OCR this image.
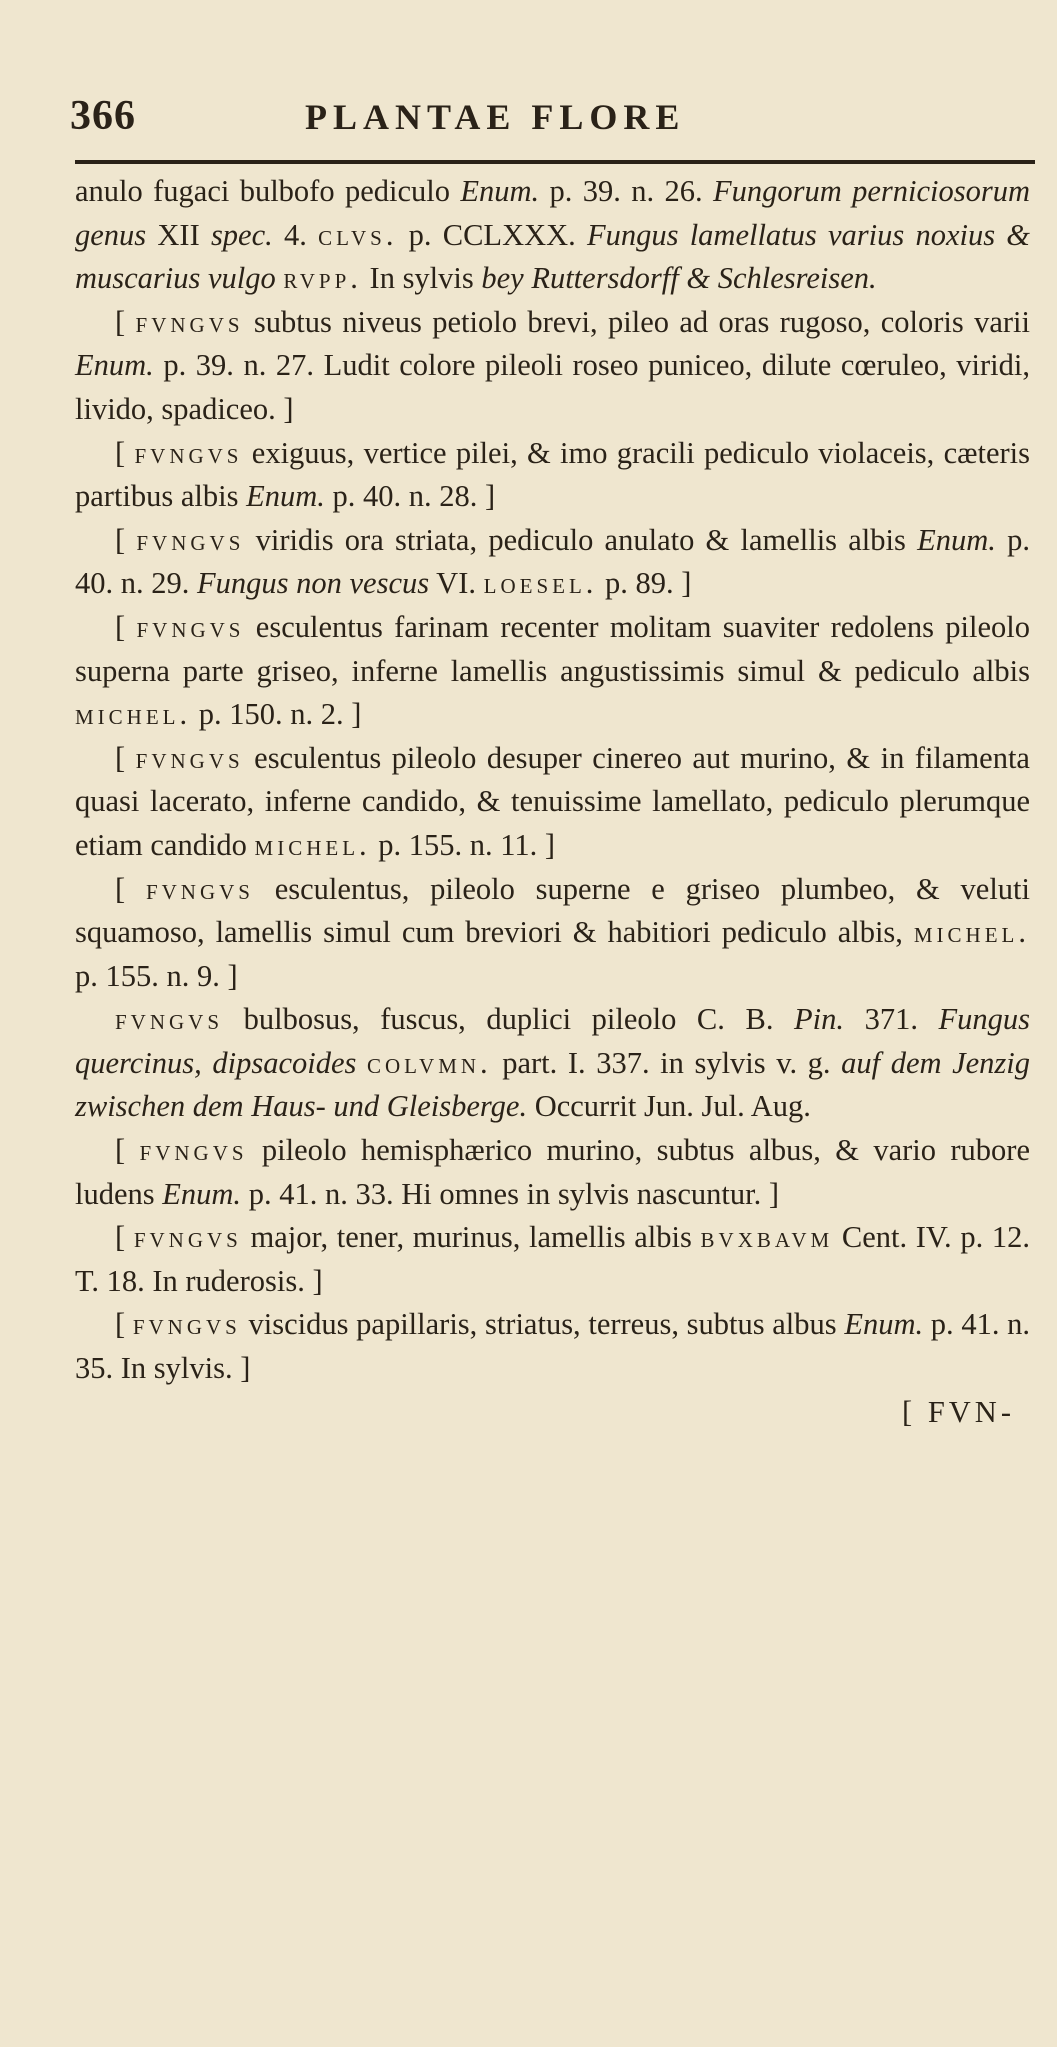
366	PLANTAE FLORE

anulo fugaci bulbofo pediculo Enum. p. 39. n. 26. Fungorum perniciosorum genus XII spec. 4. clvs. p. CCLXXX. Fungus lamellatus varius noxius & muscarius vulgo rvpp. In sylvis bey Ruttersdorff & Schlesreisen.

[ fvngvs subtus niveus petiolo brevi, pileo ad oras rugoso, coloris varii Enum. p. 39. n. 27. Ludit colore pileoli roseo puniceo, dilute cœruleo, viridi, livido, spadiceo. ]

[ fvngvs exiguus, vertice pilei, & imo gracili pediculo violaceis, cæteris partibus albis Enum. p. 40. n. 28. ]

[ fvngvs viridis ora striata, pediculo anulato & lamellis albis Enum. p. 40. n. 29. Fungus non vescus VI. loesel. p. 89. ]

[ fvngvs esculentus farinam recenter molitam suaviter redolens pileolo superna parte griseo, inferne lamellis angustissimis simul & pediculo albis michel. p. 150. n. 2. ]

[ fvngvs esculentus pileolo desuper cinereo aut murino, & in filamenta quasi lacerato, inferne candido, & tenuissime lamellato, pediculo plerumque etiam candido michel. p. 155. n. 11. ]

[ fvngvs esculentus, pileolo superne e griseo plumbeo, & veluti squamoso, lamellis simul cum breviori & habitiori pediculo albis, michel. p. 155. n. 9. ]

fvngvs bulbosus, fuscus, duplici pileolo C. B. Pin. 371. Fungus quercinus, dipsacoides colvmn. part. I. 337. in sylvis v. g. auf dem Jenzig zwischen dem Haus- und Gleisberge. Occurrit Jun. Jul. Aug.

[ fvngvs pileolo hemisphærico murino, subtus albus, & vario rubore ludens Enum. p. 41. n. 33. Hi omnes in sylvis nascuntur. ]

[ fvngvs major, tener, murinus, lamellis albis bvxbavm Cent. IV. p. 12. T. 18. In ruderosis. ]

[ fvngvs viscidus papillaris, striatus, terreus, subtus albus Enum. p. 41. n. 35. In sylvis. ]

[ FVN-
